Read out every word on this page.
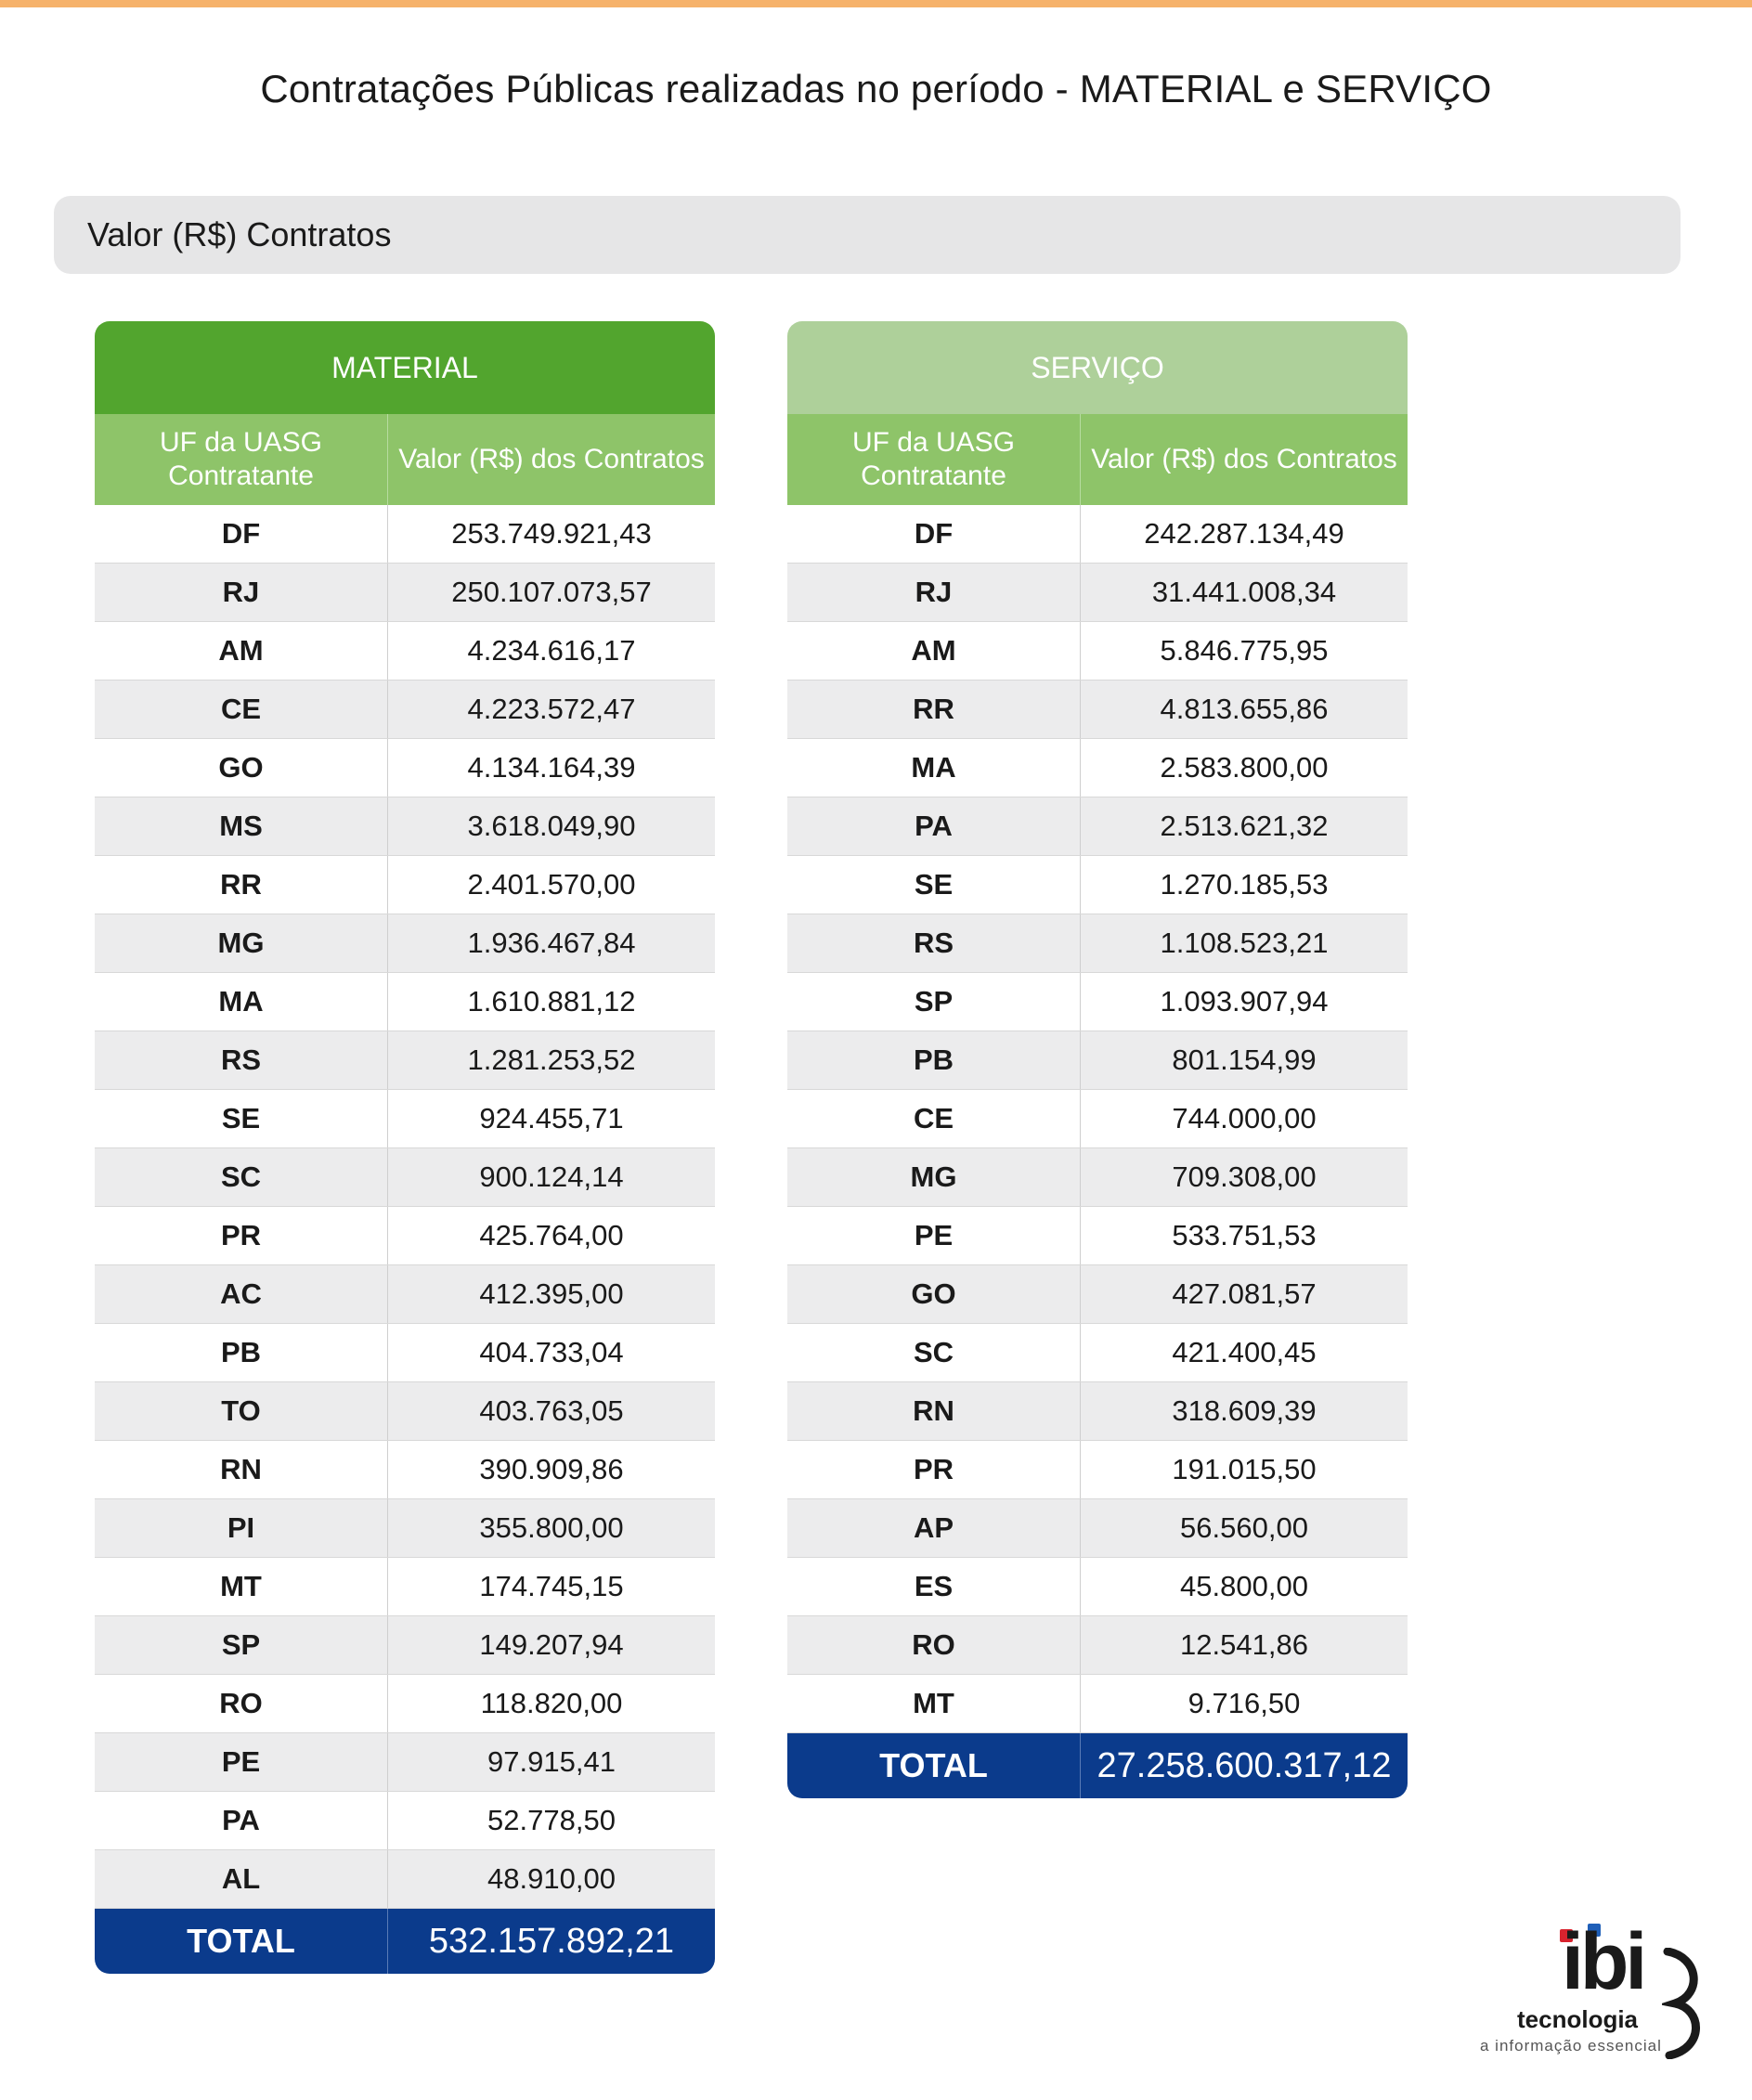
Contratações Públicas realizadas no período - MATERIAL e SERVIÇO
Valor (R$) Contratos
MATERIAL
UF da UASG Contratante
Valor (R$) dos Contratos
DF	253.749.921,43
RJ	250.107.073,57
AM	4.234.616,17
CE	4.223.572,47
GO	4.134.164,39
MS	3.618.049,90
RR	2.401.570,00
MG	1.936.467,84
MA	1.610.881,12
RS	1.281.253,52
SE	924.455,71
SC	900.124,14
PR	425.764,00
AC	412.395,00
PB	404.733,04
TO	403.763,05
RN	390.909,86
PI	355.800,00
MT	174.745,15
SP	149.207,94
RO	118.820,00
PE	97.915,41
PA	52.778,50
AL	48.910,00
TOTAL	532.157.892,21
SERVIÇO
UF da UASG Contratante
Valor (R$) dos Contratos
DF	242.287.134,49
RJ	31.441.008,34
AM	5.846.775,95
RR	4.813.655,86
MA	2.583.800,00
PA	2.513.621,32
SE	1.270.185,53
RS	1.108.523,21
SP	1.093.907,94
PB	801.154,99
CE	744.000,00
MG	709.308,00
PE	533.751,53
GO	427.081,57
SC	421.400,45
RN	318.609,39
PR	191.015,50
AP	56.560,00
ES	45.800,00
RO	12.541,86
MT	9.716,50
TOTAL	27.258.600.317,12
ibi
tecnologia
a informação essencial
